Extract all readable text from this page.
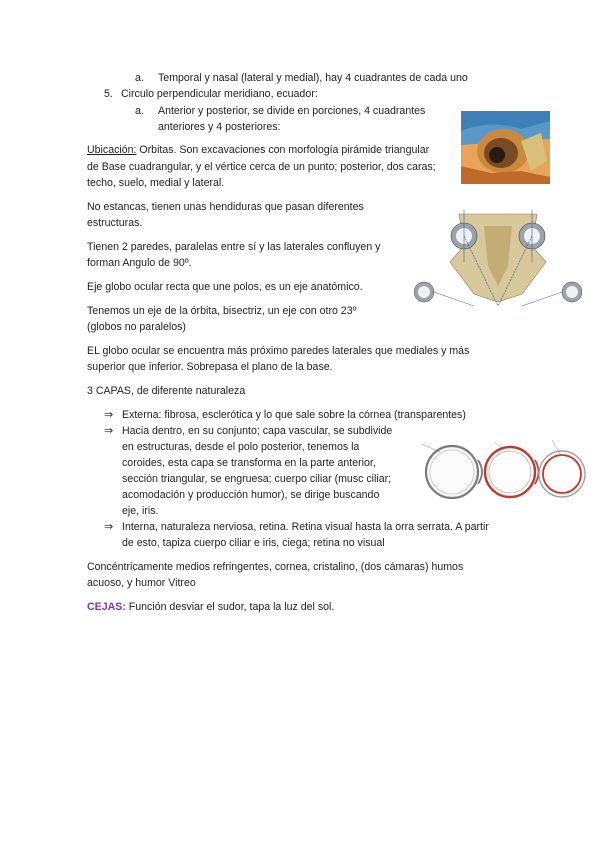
a. Temporal y nasal (lateral y medial), hay 4 cuadrantes de cada uno
5. Circulo perpendicular meridiano, ecuador:
a. Anterior y posterior, se divide en porciones, 4 cuadrantes
anteriores y 4 posteriores:
Ubicación: Orbitas. Son excavaciones con morfología pirámide triangular
de Base cuadrangular, y el vértice cerca de un punto; posterior, dos caras;
techo, suelo, medial y lateral.
No estancas, tienen unas hendiduras que pasan diferentes
estructuras.
Tienen 2 paredes, paralelas entre sí y las laterales confluyen y
forman Angulo de 90º.
Eje globo ocular recta que une polos, es un eje anatómico.
Tenemos un eje de la órbita, bisectriz, un eje con otro 23º
(globos no paralelos)
EL globo ocular se encuentra más próximo paredes laterales que mediales y más
superior que inferior. Sobrepasa el plano de la base.
3 CAPAS, de diferente naturaleza
⇒ Externa: fibrosa, esclerótica y lo que sale sobre la córnea (transparentes)
⇒ Hacia dentro, en su conjunto; capa vascular, se subdivide
en estructuras, desde el polo posterior, tenemos la
coroides, esta capa se transforma en la parte anterior,
sección triangular, se engruesa; cuerpo ciliar (musc ciliar;
acomodación y producción humor), se dirige buscando
eje, iris.
⇒ Interna, naturaleza nerviosa, retina. Retina visual hasta la orra serrata. A partir
de esto, tapiza cuerpo ciliar e iris, ciega; retina no visual
Concéntricamente medios refringentes, cornea, cristalino, (dos cámaras) humos
acuoso, y humor Vitreo
CEJAS: Función desviar el sudor, tapa la luz del sol.
